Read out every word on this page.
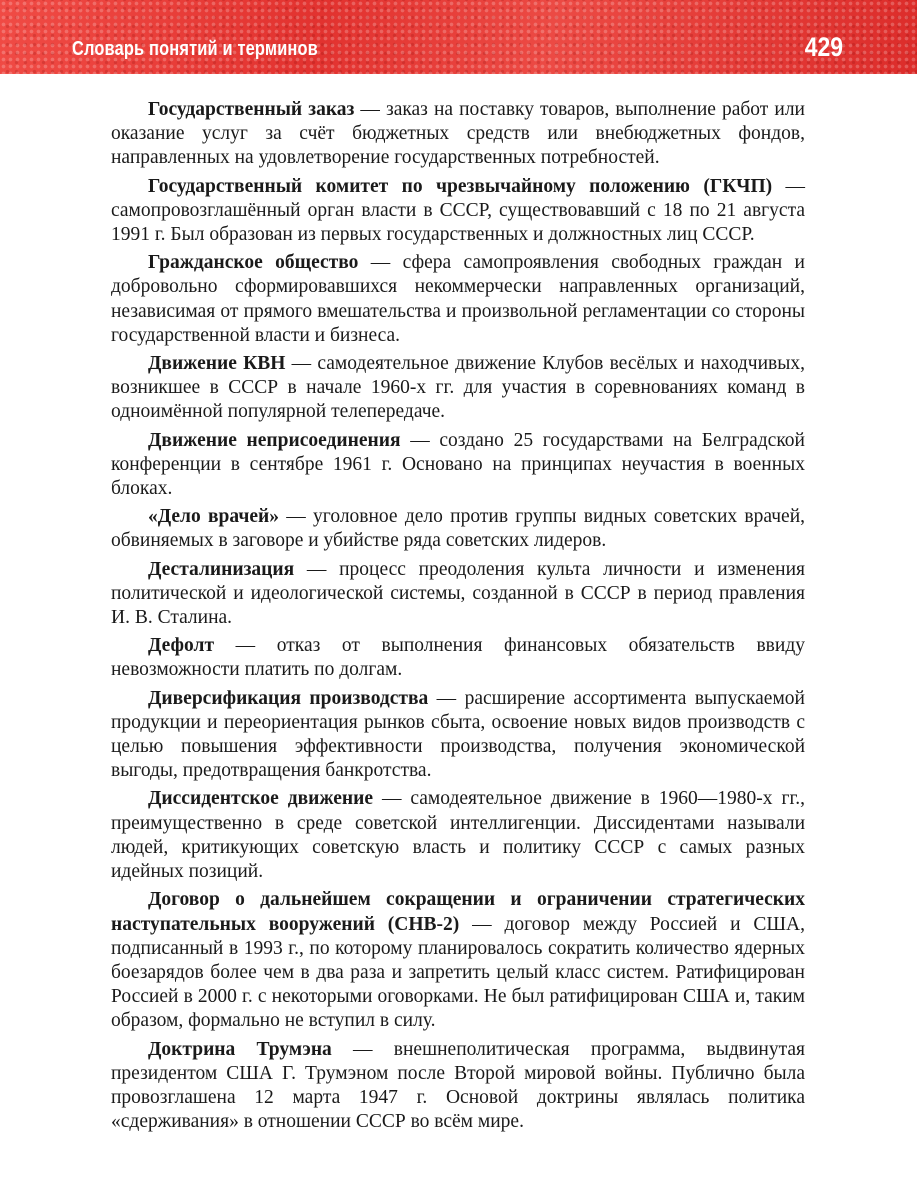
Словарь понятий и терминов	429

Государственный заказ — заказ на поставку товаров, выполнение работ или оказание услуг за счёт бюджетных средств или внебюджетных фондов, направленных на удовлетворение государственных потребностей.

Государственный комитет по чрезвычайному положению (ГКЧП) — самопровозглашённый орган власти в СССР, существовавший с 18 по 21 августа 1991 г. Был образован из первых государственных и должностных лиц СССР.

Гражданское общество — сфера самопроявления свободных граждан и добровольно сформировавшихся некоммерчески направленных организаций, независимая от прямого вмешательства и произвольной регламентации со стороны государственной власти и бизнеса.

Движение КВН — самодеятельное движение Клубов весёлых и находчивых, возникшее в СССР в начале 1960-х гг. для участия в соревнованиях команд в одноимённой популярной телепередаче.

Движение неприсоединения — создано 25 государствами на Белградской конференции в сентябре 1961 г. Основано на принципах неучастия в военных блоках.

«Дело врачей» — уголовное дело против группы видных советских врачей, обвиняемых в заговоре и убийстве ряда советских лидеров.

Десталинизация — процесс преодоления культа личности и изменения политической и идеологической системы, созданной в СССР в период правления И. В. Сталина.

Дефолт — отказ от выполнения финансовых обязательств ввиду невозможности платить по долгам.

Диверсификация производства — расширение ассортимента выпускаемой продукции и переориентация рынков сбыта, освоение новых видов производств с целью повышения эффективности производства, получения экономической выгоды, предотвращения банкротства.

Диссидентское движение — самодеятельное движение в 1960—1980-х гг., преимущественно в среде советской интеллигенции. Диссидентами называли людей, критикующих советскую власть и политику СССР с самых разных идейных позиций.

Договор о дальнейшем сокращении и ограничении стратегических наступательных вооружений (СНВ-2) — договор между Россией и США, подписанный в 1993 г., по которому планировалось сократить количество ядерных боезарядов более чем в два раза и запретить целый класс систем. Ратифицирован Россией в 2000 г. с некоторыми оговорками. Не был ратифицирован США и, таким образом, формально не вступил в силу.

Доктрина Трумэна — внешнеполитическая программа, выдвинутая президентом США Г. Трумэном после Второй мировой войны. Публично была провозглашена 12 марта 1947 г. Основой доктрины являлась политика «сдерживания» в отношении СССР во всём мире.
